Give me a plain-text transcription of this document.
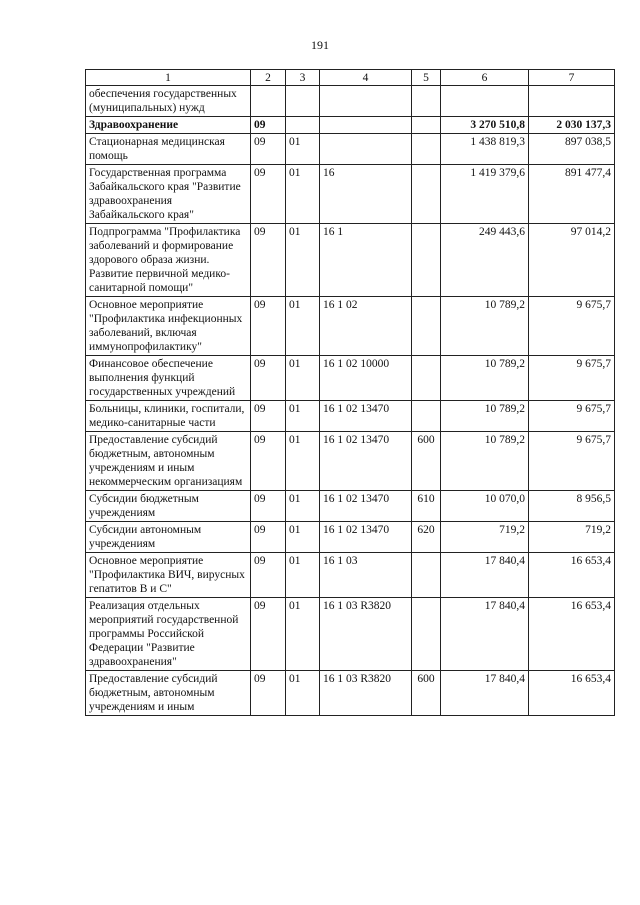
191
1	2	3	4	5	6	7
обеспечения государственных (муниципальных) нужд						
Здравоохранение	09				3 270 510,8	2 030 137,3
Стационарная медицинская помощь	09	01			1 438 819,3	897 038,5
Государственная программа Забайкальского края "Развитие здравоохранения Забайкальского края"	09	01	16		1 419 379,6	891 477,4
Подпрограмма "Профилактика заболеваний и формирование здорового образа жизни. Развитие первичной медико-санитарной помощи"	09	01	16 1		249 443,6	97 014,2
Основное мероприятие "Профилактика инфекционных заболеваний, включая иммунопрофилактику"	09	01	16 1 02		10 789,2	9 675,7
Финансовое обеспечение выполнения функций государственных учреждений	09	01	16 1 02 10000		10 789,2	9 675,7
Больницы, клиники, госпитали, медико-санитарные части	09	01	16 1 02 13470		10 789,2	9 675,7
Предоставление субсидий бюджетным, автономным учреждениям и иным некоммерческим организациям	09	01	16 1 02 13470	600	10 789,2	9 675,7
Субсидии бюджетным учреждениям	09	01	16 1 02 13470	610	10 070,0	8 956,5
Субсидии автономным учреждениям	09	01	16 1 02 13470	620	719,2	719,2
Основное мероприятие "Профилактика ВИЧ, вирусных гепатитов В и С"	09	01	16 1 03		17 840,4	16 653,4
Реализация отдельных мероприятий государственной программы Российской Федерации "Развитие здравоохранения"	09	01	16 1 03 R3820		17 840,4	16 653,4
Предоставление субсидий бюджетным, автономным учреждениям и иным	09	01	16 1 03 R3820	600	17 840,4	16 653,4
